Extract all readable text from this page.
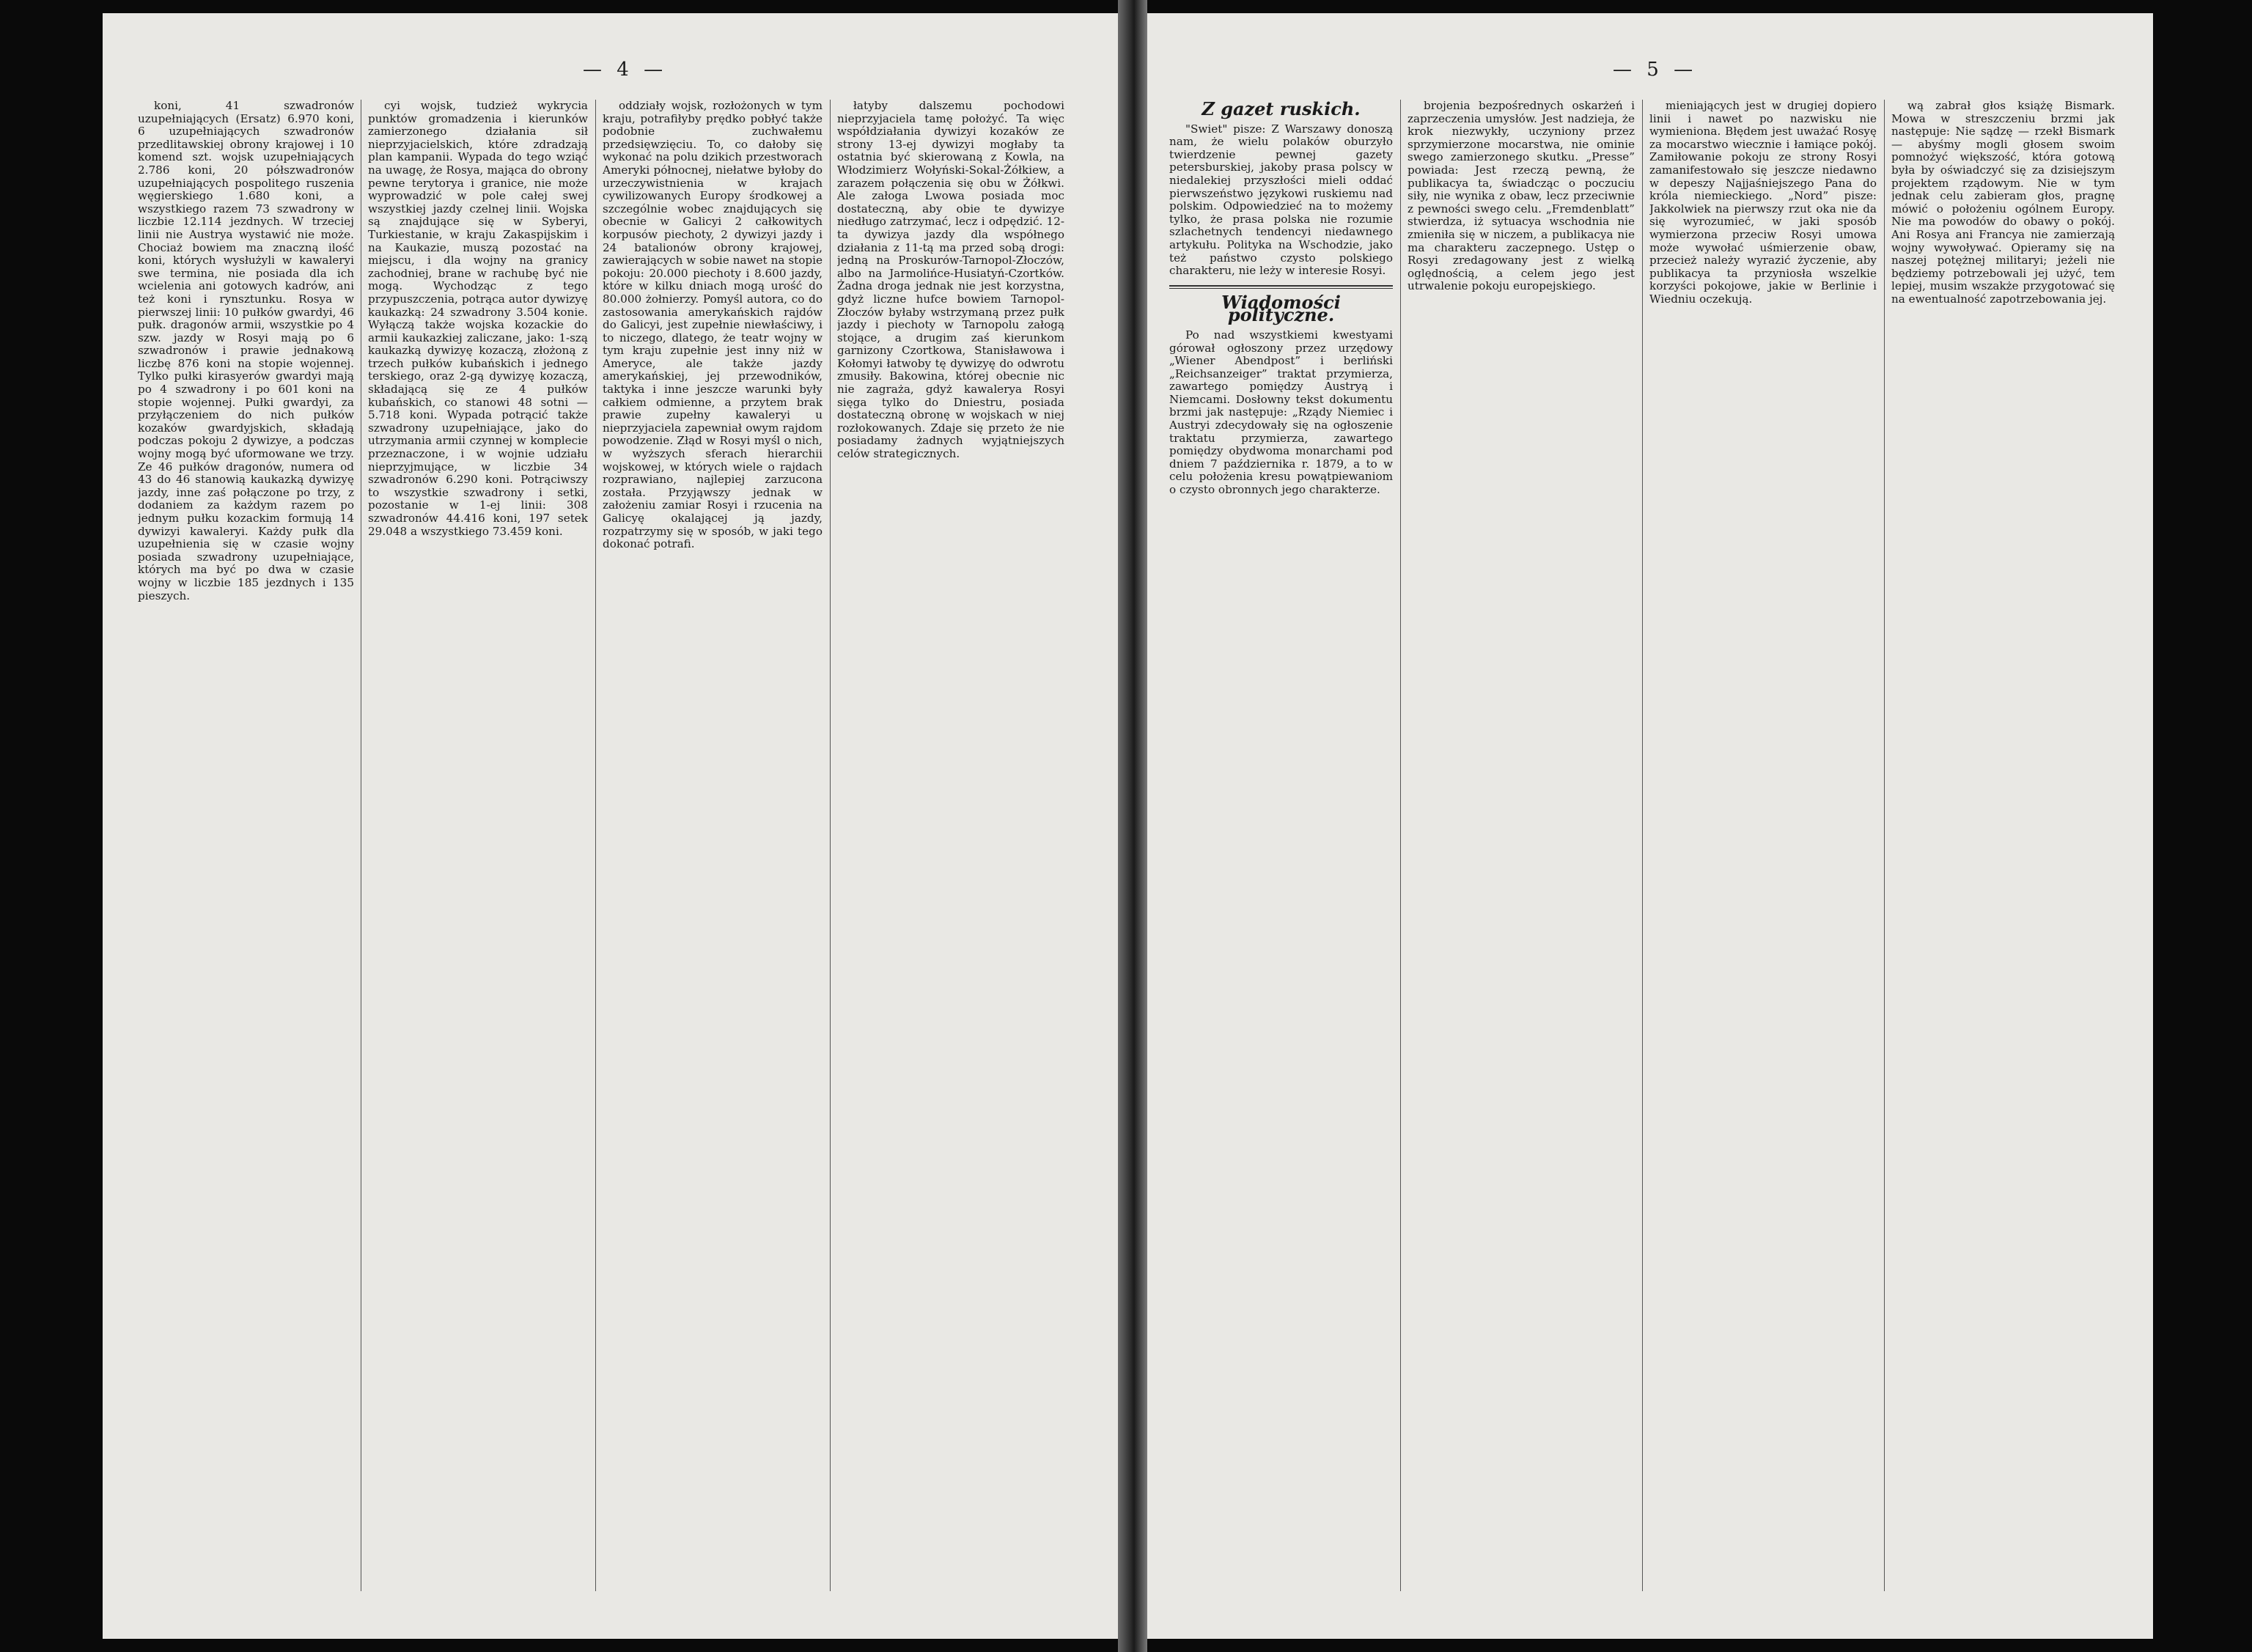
— 4 —

koni, 41 szwadronów uzupełniających (Ersatz) 6.970 koni, 6 uzupełniających szwadronów przedlitawskiej obrony krajowej i 10 komend szt. wojsk uzupełniających 2.786 koni, 20 półszwadronów uzupełniających pospolitego ruszenia węgierskiego 1.680 koni, a wszystkiego razem 73 szwadrony w liczbie 12.114 jezdnych. W trzeciej linii nie Austrya wystawić nie może. Chociaż bowiem ma znaczną ilość koni, których wysłużyli w kawaleryi swe termina, nie posiada dla ich wcielenia ani gotowych kadrów, ani też koni i rynsztunku. Rosya w pierwszej linii: 10 pułków gwardyi, 46 pułk. dragonów armii, wszystkie po 4 szw. jazdy w Rosyi mają po 6 szwadronów i prawie jednakową liczbę 876 koni na stopie wojennej. Tylko pułki kirasyerów gwardyi mają po 4 szwadrony i po 601 koni na stopie wojennej. Pułki gwardyi, za przyłączeniem do nich pułków kozaków gwardyjskich, składają podczas pokoju 2 dywizye, a podczas wojny mogą być uformowane we trzy. Ze 46 pułków dragonów, numera od 43 do 46 stanowią kaukazką dywizyę jazdy, inne zaś połączone po trzy, z dodaniem za każdym razem po jednym pułku kozackim formują 14 dywizyi kawaleryi. Każdy pułk dla uzupełnienia się w czasie wojny posiada szwadrony uzupełniające, których ma być po dwa w czasie wojny w liczbie 185 jezdnych i 135 pieszych.

cyi wojsk, tudzież wykrycia punktów gromadzenia i kierunków zamierzonego działania sił nieprzyjacielskich, które zdradzają plan kampanii. Wypada do tego wziąć na uwagę, że Rosya, mająca do obrony pewne terytorya i granice, nie może wyprowadzić w pole całej swej wszystkiej jazdy czelnej linii. Wojska są znajdujące się w Syberyi, Turkiestanie, w kraju Zakaspijskim i na Kaukazie, muszą pozostać na miejscu, i dla wojny na granicy zachodniej, brane w rachubę być nie mogą. Wychodząc z tego przypuszczenia, potrąca autor dywizyę kaukazką: 24 szwadrony 3.504 konie. Wyłączą także wojska kozackie do armii kaukazkiej zaliczane, jako: 1-szą kaukazką dywizyę kozaczą, złożoną z trzech pułków kubańskich i jednego terskiego, oraz 2-gą dywizyę kozaczą, składającą się ze 4 pułków kubańskich, co stanowi 48 sotni — 5.718 koni. Wypada potrącić także szwadrony uzupełniające, jako do utrzymania armii czynnej w komplecie przeznaczone, i w wojnie udziału nieprzyjmujące, w liczbie 34 szwadronów 6.290 koni. Potrąciwszy to wszystkie szwadrony i setki, pozostanie w 1-ej linii: 308 szwadronów 44.416 koni, 197 setek 29.048 a wszystkiego 73.459 koni.

oddziały wojsk, rozłożonych w tym kraju, potrafiłyby prędko pobłyć także podobnie zuchwałemu przedsięwzięciu. To, co dałoby się wykonać na polu dzikich przestworach Ameryki północnej, niełatwe byłoby do urzeczywistnienia w krajach cywilizowanych Europy środkowej a szczególnie wobec znajdujących się obecnie w Galicyi 2 całkowitych korpusów piechoty, 2 dywizyi jazdy i 24 batalionów obrony krajowej, zawierających w sobie nawet na stopie pokoju: 20.000 piechoty i 8.600 jazdy, które w kilku dniach mogą urość do 80.000 żołnierzy. Pomyśl autora, co do zastosowania amerykańskich rajdów do Galicyi, jest zupełnie niewłaściwy, i to niczego, dlatego, że teatr wojny w tym kraju zupełnie jest inny niż w Ameryce, ale także jazdy amerykańskiej, jej przewodników, taktyka i inne jeszcze warunki były całkiem odmienne, a przytem brak prawie zupełny kawaleryi u nieprzyjaciela zapewniał owym rajdom powodzenie. Złąd w Rosyi myśl o nich, w wyższych sferach hierarchii wojskowej, w których wiele o rajdach rozprawiano, najlepiej zarzucona została. Przyjąwszy jednak w założeniu zamiar Rosyi i rzucenia na Galicyę okalającej ją jazdy, rozpatrzymy się w sposób, w jaki tego dokonać potrafi.

łatyby dalszemu pochodowi nieprzyjaciela tamę położyć. Ta więc współdziałania dywizyi kozaków ze strony 13-ej dywizyi mogłaby ta ostatnia być skierowaną z Kowla, na Włodzimierz Wołyński-Sokal-Żółkiew, a zarazem połączenia się obu w Żółkwi. Ale załoga Lwowa posiada moc dostateczną, aby obie te dywizye niedługo zatrzymać, lecz i odpędzić. 12-ta dywizya jazdy dla współnego działania z 11-tą ma przed sobą drogi: jedną na Proskurów-Tarnopol-Złoczów, albo na Jarmolińce-Husiatyń-Czortków. Żadna droga jednak nie jest korzystna, gdyż liczne hufce bowiem Tarnopol-Złoczów byłaby wstrzymaną przez pułk jazdy i piechoty w Tarnopolu załogą stojące, a drugim zaś kierunkom garnizony Czortkowa, Stanisławowa i Kołomyi łatwoby tę dywizyę do odwrotu zmusiły. Bakowina, której obecnie nic nie zagraża, gdyż kawalerya Rosyi sięga tylko do Dniestru, posiada dostateczną obronę w wojskach w niej rozłokowanych. Zdaje się przeto że nie posiadamy żadnych wyjątniejszych celów strategicznych.

— 5 —
Z gazet ruskich.

"Swiet" pisze: Z Warszawy donoszą nam, że wielu polaków oburzyło twierdzenie pewnej gazety petersburskiej, jakoby prasa polscy w niedalekiej przyszłości mieli oddać pierwszeństwo językowi ruskiemu nad polskim. Odpowiedzieć na to możemy tylko, że prasa polska nie rozumie szlachetnych tendencyi niedawnego artykułu. Polityka na Wschodzie, jako też państwo czysto polskiego charakteru, nie leży w interesie Rosyi.

Wiadomości polityczne.

Po nad wszystkiemi kwestyami górował ogłoszony przez urzędowy „Wiener Abendpost” i berliński „Reichsanzeiger” traktat przymierza, zawartego pomiędzy Austryą i Niemcami. Dosłowny tekst dokumentu brzmi jak następuje: „Rządy Niemiec i Austryi zdecydowały się na ogłoszenie traktatu przymierza, zawartego pomiędzy obydwoma monarchami pod dniem 7 października r. 1879, a to w celu położenia kresu powątpiewaniom o czysto obronnych jego charakterze.

brojenia bezpośrednych oskarżeń i zaprzeczenia umysłów. Jest nadzieja, że krok niezwykły, uczyniony przez sprzymierzone mocarstwa, nie ominie swego zamierzonego skutku. „Presse” powiada: Jest rzeczą pewną, że publikacya ta, świadcząc o poczuciu siły, nie wynika z obaw, lecz przeciwnie z pewności swego celu. „Fremdenblatt” stwierdza, iż sytuacya wschodnia nie zmieniła się w niczem, a publikacya nie ma charakteru zaczepnego. Ustęp o Rosyi zredagowany jest z wielką oględnością, a celem jego jest utrwalenie pokoju europejskiego.

mieniających jest w drugiej dopiero linii i nawet po nazwisku nie wymieniona. Błędem jest uważać Rosyę za mocarstwo wiecznie i łamiące pokój. Zamiłowanie pokoju ze strony Rosyi zamanifestowało się jeszcze niedawno w depeszy Najjaśniejszego Pana do króla niemieckiego. „Nord” pisze: Jakkolwiek na pierwszy rzut oka nie da się wyrozumieć, w jaki sposób wymierzona przeciw Rosyi umowa może wywołać uśmierzenie obaw, przecież należy wyrazić życzenie, aby publikacya ta przyniosła wszelkie korzyści pokojowe, jakie w Berlinie i Wiedniu oczekują.

wą zabrał głos książę Bismark. Mowa w streszczeniu brzmi jak następuje: Nie sądzę — rzekł Bismark — abyśmy mogli głosem swoim pomnożyć większość, która gotową była by oświadczyć się za dzisiejszym projektem rządowym. Nie w tym jednak celu zabieram głos, pragnę mówić o położeniu ogólnem Europy. Nie ma powodów do obawy o pokój. Ani Rosya ani Francya nie zamierzają wojny wywoływać. Opieramy się na naszej potężnej militaryi; jeżeli nie będziemy potrzebowali jej użyć, tem lepiej, musim wszakże przygotować się na ewentualność zapotrzebowania jej.
